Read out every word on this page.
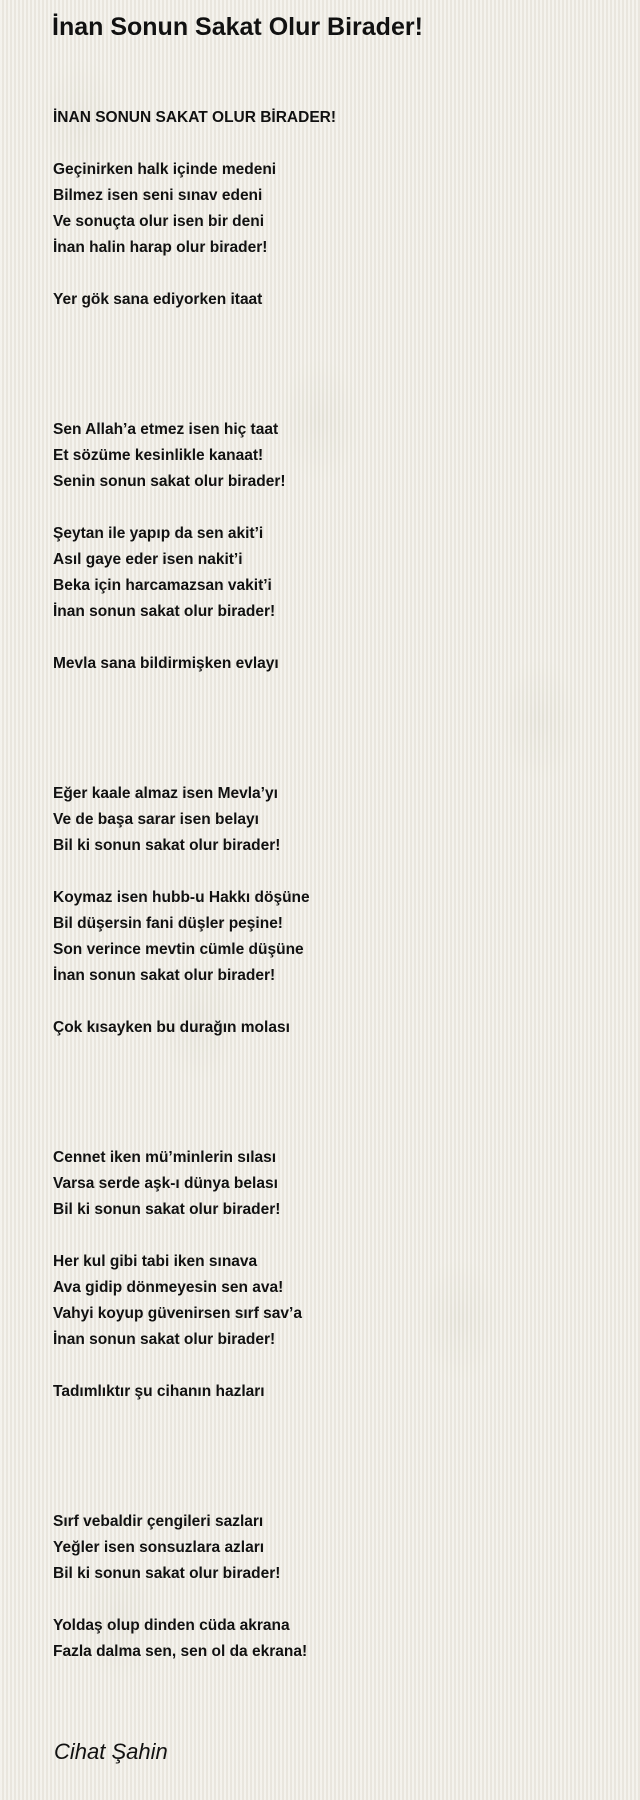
İnan Sonun Sakat Olur Birader!
İNAN SONUN SAKAT OLUR BİRADER!
Geçinirken halk içinde medeni
Bilmez isen seni sınav edeni
Ve sonuçta olur isen bir deni
İnan halin harap olur birader!
Yer gök sana ediyorken itaat
Sen Allah’a etmez isen hiç taat
Et sözüme kesinlikle kanaat!
Senin sonun sakat olur birader!
Şeytan ile yapıp da sen akit’i
Asıl gaye eder isen nakit’i
Beka için harcamazsan vakit’i
İnan sonun sakat olur birader!
Mevla sana bildirmişken evlayı
Eğer kaale almaz isen Mevla’yı
Ve de başa sarar isen belayı
Bil ki sonun sakat olur birader!
Koymaz isen hubb-u Hakkı döşüne
Bil düşersin fani düşler peşine!
Son verince mevtin cümle düşüne
İnan sonun sakat olur birader!
Çok kısayken bu durağın molası
Cennet iken mü’minlerin sılası
Varsa serde aşk-ı dünya belası
Bil ki sonun sakat olur birader!
Her kul gibi tabi iken sınava
Ava gidip dönmeyesin sen ava!
Vahyi koyup güvenirsen sırf sav’a
İnan sonun sakat olur birader!
Tadımlıktır şu cihanın hazları
Sırf vebaldir çengileri sazları
Yeğler isen sonsuzlara azları
Bil ki sonun sakat olur birader!
Yoldaş olup dinden cüda akrana
Fazla dalma sen, sen ol da ekrana!
Cihat Şahin
